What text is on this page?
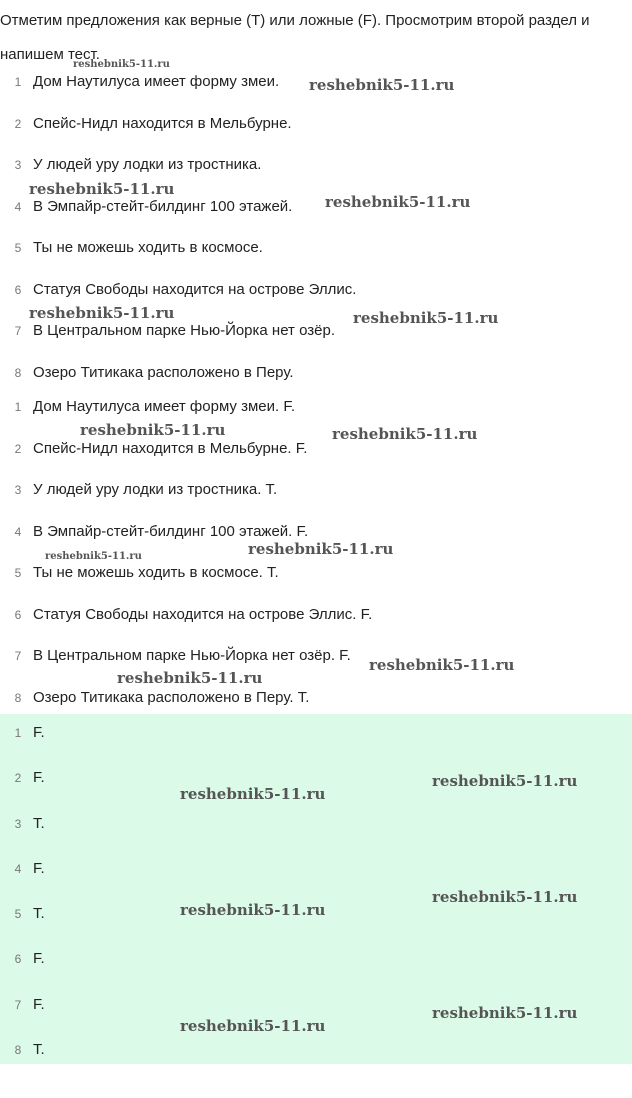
Отметим предложения как верные (T) или ложные (F). Просмотрим второй раздел и напишем тест.
1 Дом Наутилуса имеет форму змеи.
2 Спейс-Нидл находится в Мельбурне.
3 У людей уру лодки из тростника.
4 В Эмпайр-стейт-билдинг 100 этажей.
5 Ты не можешь ходить в космосе.
6 Статуя Свободы находится на острове Эллис.
7 В Центральном парке Нью-Йорка нет озёр.
8 Озеро Титикака расположено в Перу.
1 Дом Наутилуса имеет форму змеи. F.
2 Спейс-Нидл находится в Мельбурне. F.
3 У людей уру лодки из тростника. T.
4 В Эмпайр-стейт-билдинг 100 этажей. F.
5 Ты не можешь ходить в космосе. T.
6 Статуя Свободы находится на острове Эллис. F.
7 В Центральном парке Нью-Йорка нет озёр. F.
8 Озеро Титикака расположено в Перу. T.
1 F.
2 F.
3 T.
4 F.
5 T.
6 F.
7 F.
8 T.
reshebnik5-11.ru
reshebnik5-11.ru
reshebnik5-11.ru
reshebnik5-11.ru
reshebnik5-11.ru	reshebnik5-11.ru
reshebnik5-11.ru	reshebnik5-11.ru
reshebnik5-11.ru	reshebnik5-11.ru
reshebnik5-11.ru
reshebnik5-11.ru
reshebnik5-11.ru
reshebnik5-11.ru
reshebnik5-11.ru
reshebnik5-11.ru
reshebnik5-11.ru
reshebnik5-11.ru
